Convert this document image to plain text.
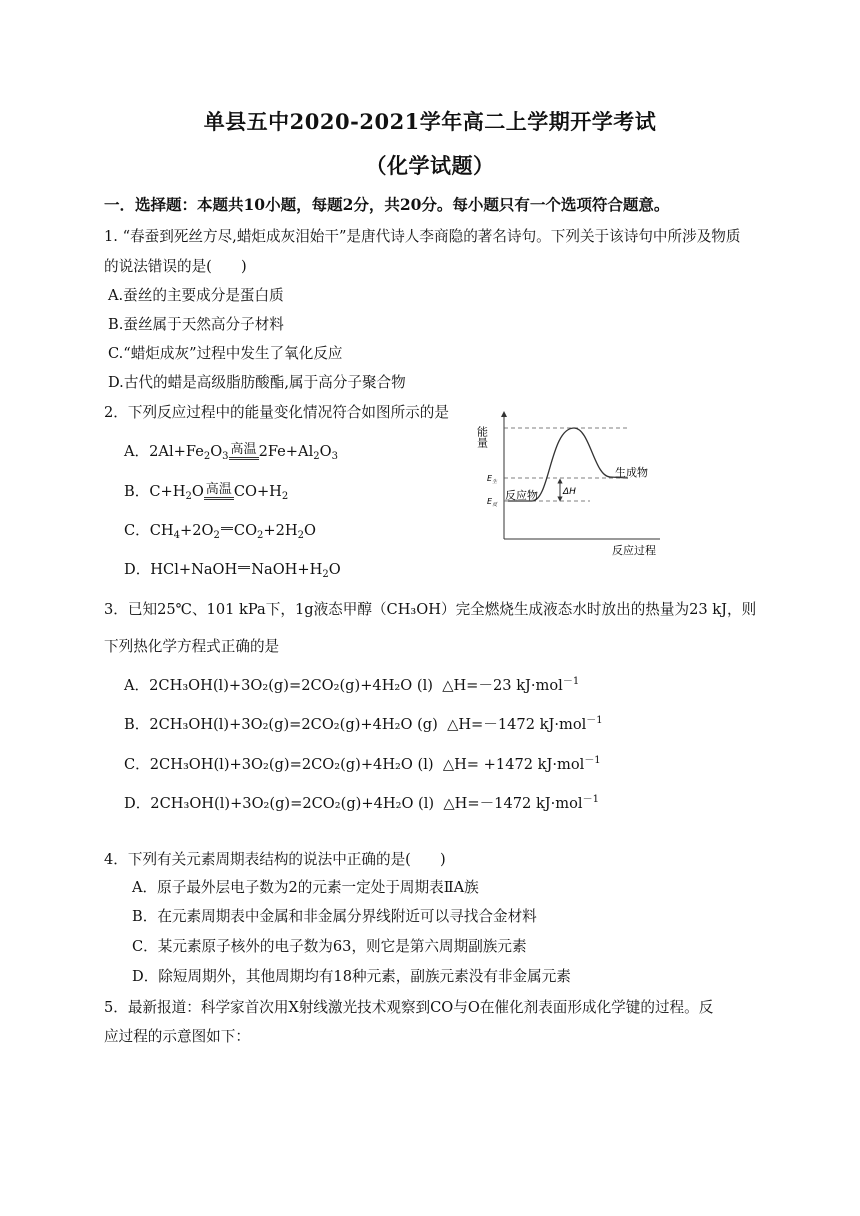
单县五中2020-2021学年高二上学期开学考试
（化学试题）
一．选择题：本题共10小题，每题2分，共20分。每小题只有一个选项符合题意。
1. “春蚕到死丝方尽,蜡炬成灰泪始干”是唐代诗人李商隐的著名诗句。下列关于该诗句中所涉及物质
的说法错误的是(　　)
A.蚕丝的主要成分是蛋白质
B.蚕丝属于天然高分子材料
C.“蜡炬成灰”过程中发生了氧化反应
D.古代的蜡是高级脂肪酸酯,属于高分子聚合物
2．下列反应过程中的能量变化情况符合如图所示的是
A．$2Al+Fe_2O_3$ 高温 $2Fe+Al_2O_3$
B．$C+H_2O$ 高温 $CO+H_2$
C．$CH_4+2O_2$ $CO_2+2H_2O$
D．HCl+NaOH $NaOH+H_2O$
能量
反应过程
生成物
反应物	ΔH
$E_生$
$E_反$
3．已知25℃、101 kPa下，1g液态甲醇（CH₃OH）完全燃烧生成液态水时放出的热量为23 kJ，则
下列热化学方程式正确的是
A．2CH₃OH(l)+3O₂(g)=2CO₂(g)+4H₂O (l) △H=－23 kJ·mol$^{-1}$
B．2CH₃OH(l)+3O₂(g)=2CO₂(g)+4H₂O (g) △H=－1472 kJ·mol$^{-1}$
C．2CH₃OH(l)+3O₂(g)=2CO₂(g)+4H₂O (l) △H= +1472 kJ·mol$^{-1}$
D．2CH₃OH(l)+3O₂(g)=2CO₂(g)+4H₂O (l) △H=－1472 kJ·mol$^{-1}$
4．下列有关元素周期表结构的说法中正确的是(　　)
A．原子最外层电子数为2的元素一定处于周期表ⅡA族
B．在元素周期表中金属和非金属分界线附近可以寻找合金材料
C．某元素原子核外的电子数为63，则它是第六周期副族元素
D．除短周期外，其他周期均有18种元素，副族元素没有非金属元素
5．最新报道：科学家首次用X射线激光技术观察到CO与O在催化剂表面形成化学键的过程。反
应过程的示意图如下：
